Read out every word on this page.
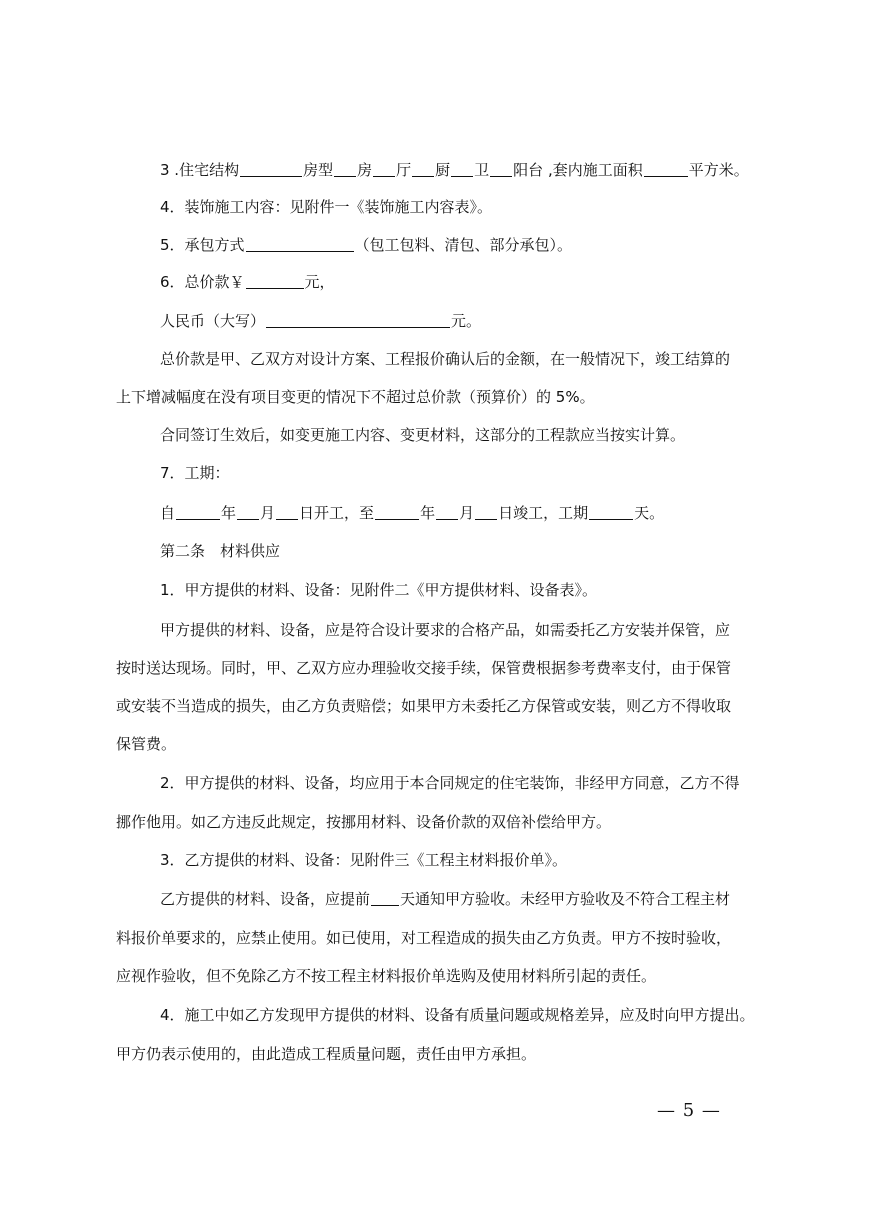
3 .住宅结构	房型 房 厅 厨 卫 阳台 ,套内施工面积	平方米。
4．装饰施工内容：见附件一《装饰施工内容表》。
5．承包方式	（包工包料、清包、部分承包）。
6．总价款￥	元，
人民币（大写）	元。
总价款是甲、乙双方对设计方案、工程报价确认后的金额，在一般情况下，竣工结算的
上下增减幅度在没有项目变更的情况下不超过总价款（预算价）的 5%。
合同签订生效后，如变更施工内容、变更材料，这部分的工程款应当按实计算。
7．工期：
自	年 月 日开工，至	年 月 日竣工，工期	天。
第二条　材料供应
1．甲方提供的材料、设备：见附件二《甲方提供材料、设备表》。
甲方提供的材料、设备，应是符合设计要求的合格产品，如需委托乙方安装并保管，应
按时送达现场。同时，甲、乙双方应办理验收交接手续，保管费根据参考费率支付，由于保管
或安装不当造成的损失，由乙方负责赔偿；如果甲方未委托乙方保管或安装，则乙方不得收取
保管费。
2．甲方提供的材料、设备，均应用于本合同规定的住宅装饰，非经甲方同意，乙方不得
挪作他用。如乙方违反此规定，按挪用材料、设备价款的双倍补偿给甲方。
3．乙方提供的材料、设备：见附件三《工程主材料报价单》。
乙方提供的材料、设备，应提前 天通知甲方验收。未经甲方验收及不符合工程主材
料报价单要求的，应禁止使用。如已使用，对工程造成的损失由乙方负责。甲方不按时验收，
应视作验收，但不免除乙方不按工程主材料报价单选购及使用材料所引起的责任。
4．施工中如乙方发现甲方提供的材料、设备有质量问题或规格差异，应及时向甲方提出。
甲方仍表示使用的，由此造成工程质量问题，责任由甲方承担。
— 5 —
